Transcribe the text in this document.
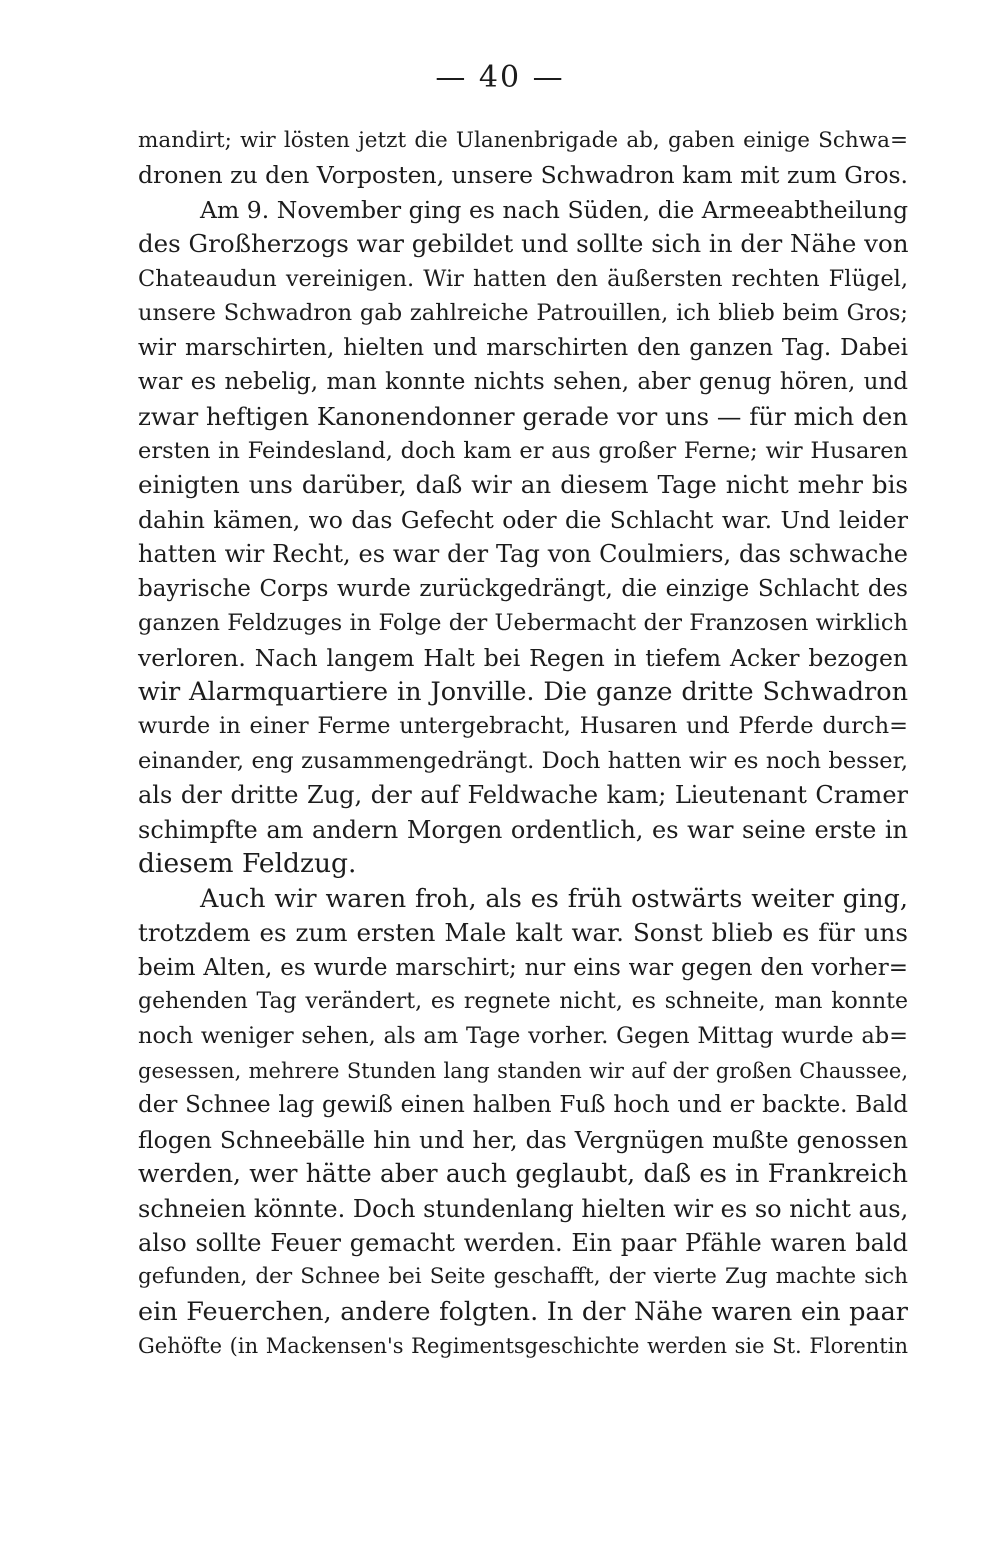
— 40 —
mandirt; wir lösten jetzt die Ulanenbrigade ab, gaben einige Schwa=
dronen zu den Vorposten, unsere Schwadron kam mit zum Gros.
Am 9. November ging es nach Süden, die Armeeabtheilung
des Großherzogs war gebildet und sollte sich in der Nähe von
Chateaudun vereinigen. Wir hatten den äußersten rechten Flügel,
unsere Schwadron gab zahlreiche Patrouillen, ich blieb beim Gros;
wir marschirten, hielten und marschirten den ganzen Tag. Dabei
war es nebelig, man konnte nichts sehen, aber genug hören, und
zwar heftigen Kanonendonner gerade vor uns — für mich den
ersten in Feindesland, doch kam er aus großer Ferne; wir Husaren
einigten uns darüber, daß wir an diesem Tage nicht mehr bis
dahin kämen, wo das Gefecht oder die Schlacht war. Und leider
hatten wir Recht, es war der Tag von Coulmiers, das schwache
bayrische Corps wurde zurückgedrängt, die einzige Schlacht des
ganzen Feldzuges in Folge der Uebermacht der Franzosen wirklich
verloren. Nach langem Halt bei Regen in tiefem Acker bezogen
wir Alarmquartiere in Jonville. Die ganze dritte Schwadron
wurde in einer Ferme untergebracht, Husaren und Pferde durch=
einander, eng zusammengedrängt. Doch hatten wir es noch besser,
als der dritte Zug, der auf Feldwache kam; Lieutenant Cramer
schimpfte am andern Morgen ordentlich, es war seine erste in
diesem Feldzug.
Auch wir waren froh, als es früh ostwärts weiter ging,
trotzdem es zum ersten Male kalt war. Sonst blieb es für uns
beim Alten, es wurde marschirt; nur eins war gegen den vorher=
gehenden Tag verändert, es regnete nicht, es schneite, man konnte
noch weniger sehen, als am Tage vorher. Gegen Mittag wurde ab=
gesessen, mehrere Stunden lang standen wir auf der großen Chaussee,
der Schnee lag gewiß einen halben Fuß hoch und er backte. Bald
flogen Schneebälle hin und her, das Vergnügen mußte genossen
werden, wer hätte aber auch geglaubt, daß es in Frankreich
schneien könnte. Doch stundenlang hielten wir es so nicht aus,
also sollte Feuer gemacht werden. Ein paar Pfähle waren bald
gefunden, der Schnee bei Seite geschafft, der vierte Zug machte sich
ein Feuerchen, andere folgten. In der Nähe waren ein paar
Gehöfte (in Mackensen's Regimentsgeschichte werden sie St. Florentin
